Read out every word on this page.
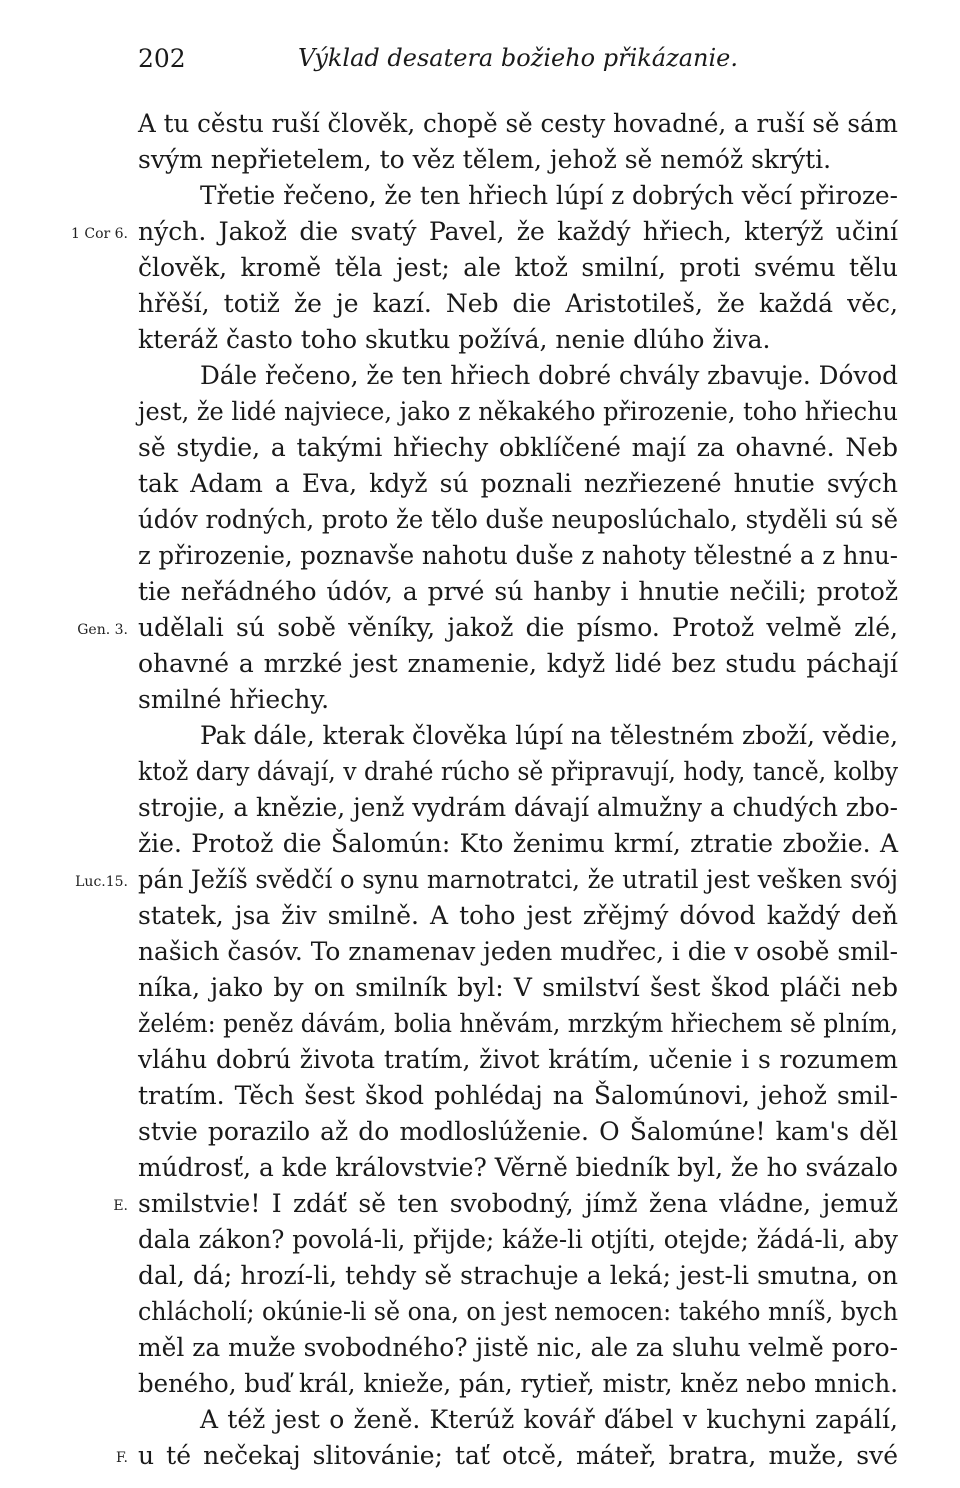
202	Výklad desatera božieho přikázanie.
A tu cěstu ruší člověk, chopě sě cesty hovadné, a ruší sě sám
svým nepřietelem, to věz tělem, jehož sě nemóž skrýti.
Třetie řečeno, že ten hřiech lúpí z dobrých věcí přiroze-
1 Cor 6. ných. Jakož die svatý Pavel, že každý hřiech, kterýž učiní
člověk, kromě těla jest; ale ktož smilní, proti svému tělu
hřěší, totiž že je kazí. Neb die Aristotileš, že každá věc,
kteráž často toho skutku požívá, nenie dlúho živa.
Dále řečeno, že ten hřiech dobré chvály zbavuje. Dóvod
jest, že lidé najviece, jako z někakého přirozenie, toho hřiechu
sě stydie, a takými hřiechy obklíčené mají za ohavné. Neb
tak Adam a Eva, když sú poznali nezřiezené hnutie svých
údóv rodných, proto že tělo duše neuposlúchalo, styděli sú sě
z přirozenie, poznavše nahotu duše z nahoty tělestné a z hnu-
tie neřádného údóv, a prvé sú hanby i hnutie nečili; protož
Gen. 3. udělali sú sobě věníky, jakož die písmo. Protož velmě zlé,
ohavné a mrzké jest znamenie, když lidé bez studu páchají
smilné hřiechy.
Pak dále, kterak člověka lúpí na tělestném zboží, vědie,
ktož dary dávají, v drahé rúcho sě připravují, hody, tancě, kolby
strojie, a knězie, jenž vydrám dávají almužny a chudých zbo-
žie. Protož die Šalomún: Kto ženimu krmí, ztratie zbožie. A
Luc.15. pán Ježíš svědčí o synu marnotratci, že utratil jest vešken svój
statek, jsa živ smilně. A toho jest zřějmý dóvod každý deň
našich časóv. To znamenav jeden mudřec, i die v osobě smil-
níka, jako by on smilník byl: V smilství šest škod pláči neb
želém: peněz dávám, bolia hněvám, mrzkým hřiechem sě plním,
vláhu dobrú života tratím, život krátím, učenie i s rozumem
tratím. Těch šest škod pohlédaj na Šalomúnovi, jehož smil-
stvie porazilo až do modloslúženie. O Šalomúne! kam's děl
múdrosť, a kde královstvie? Věrně biedník byl, že ho svázalo
E. smilstvie! I zdáť sě ten svobodný, jímž žena vládne, jemuž
dala zákon? povolá-li, přijde; káže-li otjíti, otejde; žádá-li, aby
dal, dá; hrozí-li, tehdy sě strachuje a leká; jest-li smutna, on
chlácholí; okúnie-li sě ona, on jest nemocen: takého mníš, bych
měl za muže svobodného? jistě nic, ale za sluhu velmě poro-
beného, buď král, knieže, pán, rytieř, mistr, kněz nebo mnich.
A též jest o ženě. Kterúž kovář ďábel v kuchyni zapálí,
F. u té nečekaj slitovánie; tať otcě, máteř, bratra, muže, své
